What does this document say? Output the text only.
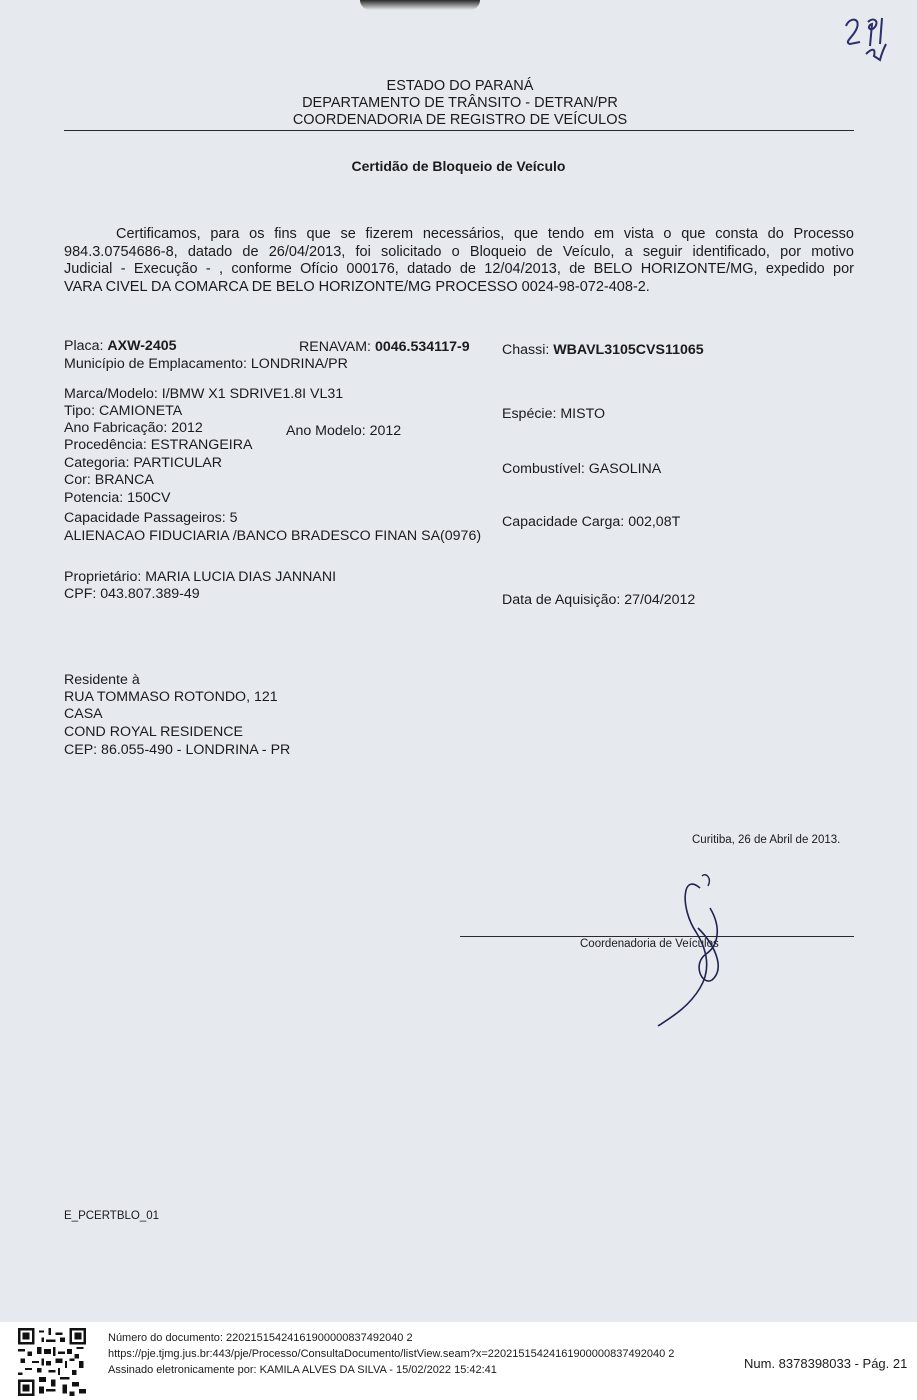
ESTADO DO PARANÁ
DEPARTAMENTO DE TRÂNSITO - DETRAN/PR
COORDENADORIA DE REGISTRO DE VEÍCULOS
Certidão de Bloqueio de Veículo
Certificamos, para os fins que se fizerem necessários, que tendo em vista o que consta do Processo
984.3.0754686-8, datado de 26/04/2013, foi solicitado o Bloqueio de Veículo, a seguir identificado, por motivo
Judicial - Execução - , conforme Ofício 000176, datado de 12/04/2013, de BELO HORIZONTE/MG, expedido por
VARA CIVEL DA COMARCA DE BELO HORIZONTE/MG PROCESSO 0024-98-072-408-2.
Placa: AXW-2405	RENAVAM: 0046.534117-9 Chassi: WBAVL3105CVS11065
Município de Emplacamento: LONDRINA/PR
Marca/Modelo: I/BMW X1 SDRIVE1.8I VL31
Tipo: CAMIONETA	Espécie: MISTO
Ano Fabricação: 2012	Ano Modelo: 2012
Procedência: ESTRANGEIRA
Categoria: PARTICULAR	Combustível: GASOLINA
Cor: BRANCA
Potencia: 150CV
Capacidade Passageiros: 5	Capacidade Carga: 002,08T
ALIENACAO FIDUCIARIA /BANCO BRADESCO FINAN SA(0976)
Proprietário: MARIA LUCIA DIAS JANNANI
CPF: 043.807.389-49	Data de Aquisição: 27/04/2012
Residente à
RUA TOMMASO ROTONDO, 121
CASA
COND ROYAL RESIDENCE
CEP: 86.055-490 - LONDRINA - PR
Curitiba, 26 de Abril de 2013.
Coordenadoria de Veículos
E_PCERTBLO_01
Número do documento: 22021515424161900000837492040 2
https://pje.tjmg.jus.br:443/pje/Processo/ConsultaDocumento/listView.seam?x=22021515424161900000837492040 2
Assinado eletronicamente por: KAMILA ALVES DA SILVA - 15/02/2022 15:42:41	Num. 8378398033 - Pág. 21
